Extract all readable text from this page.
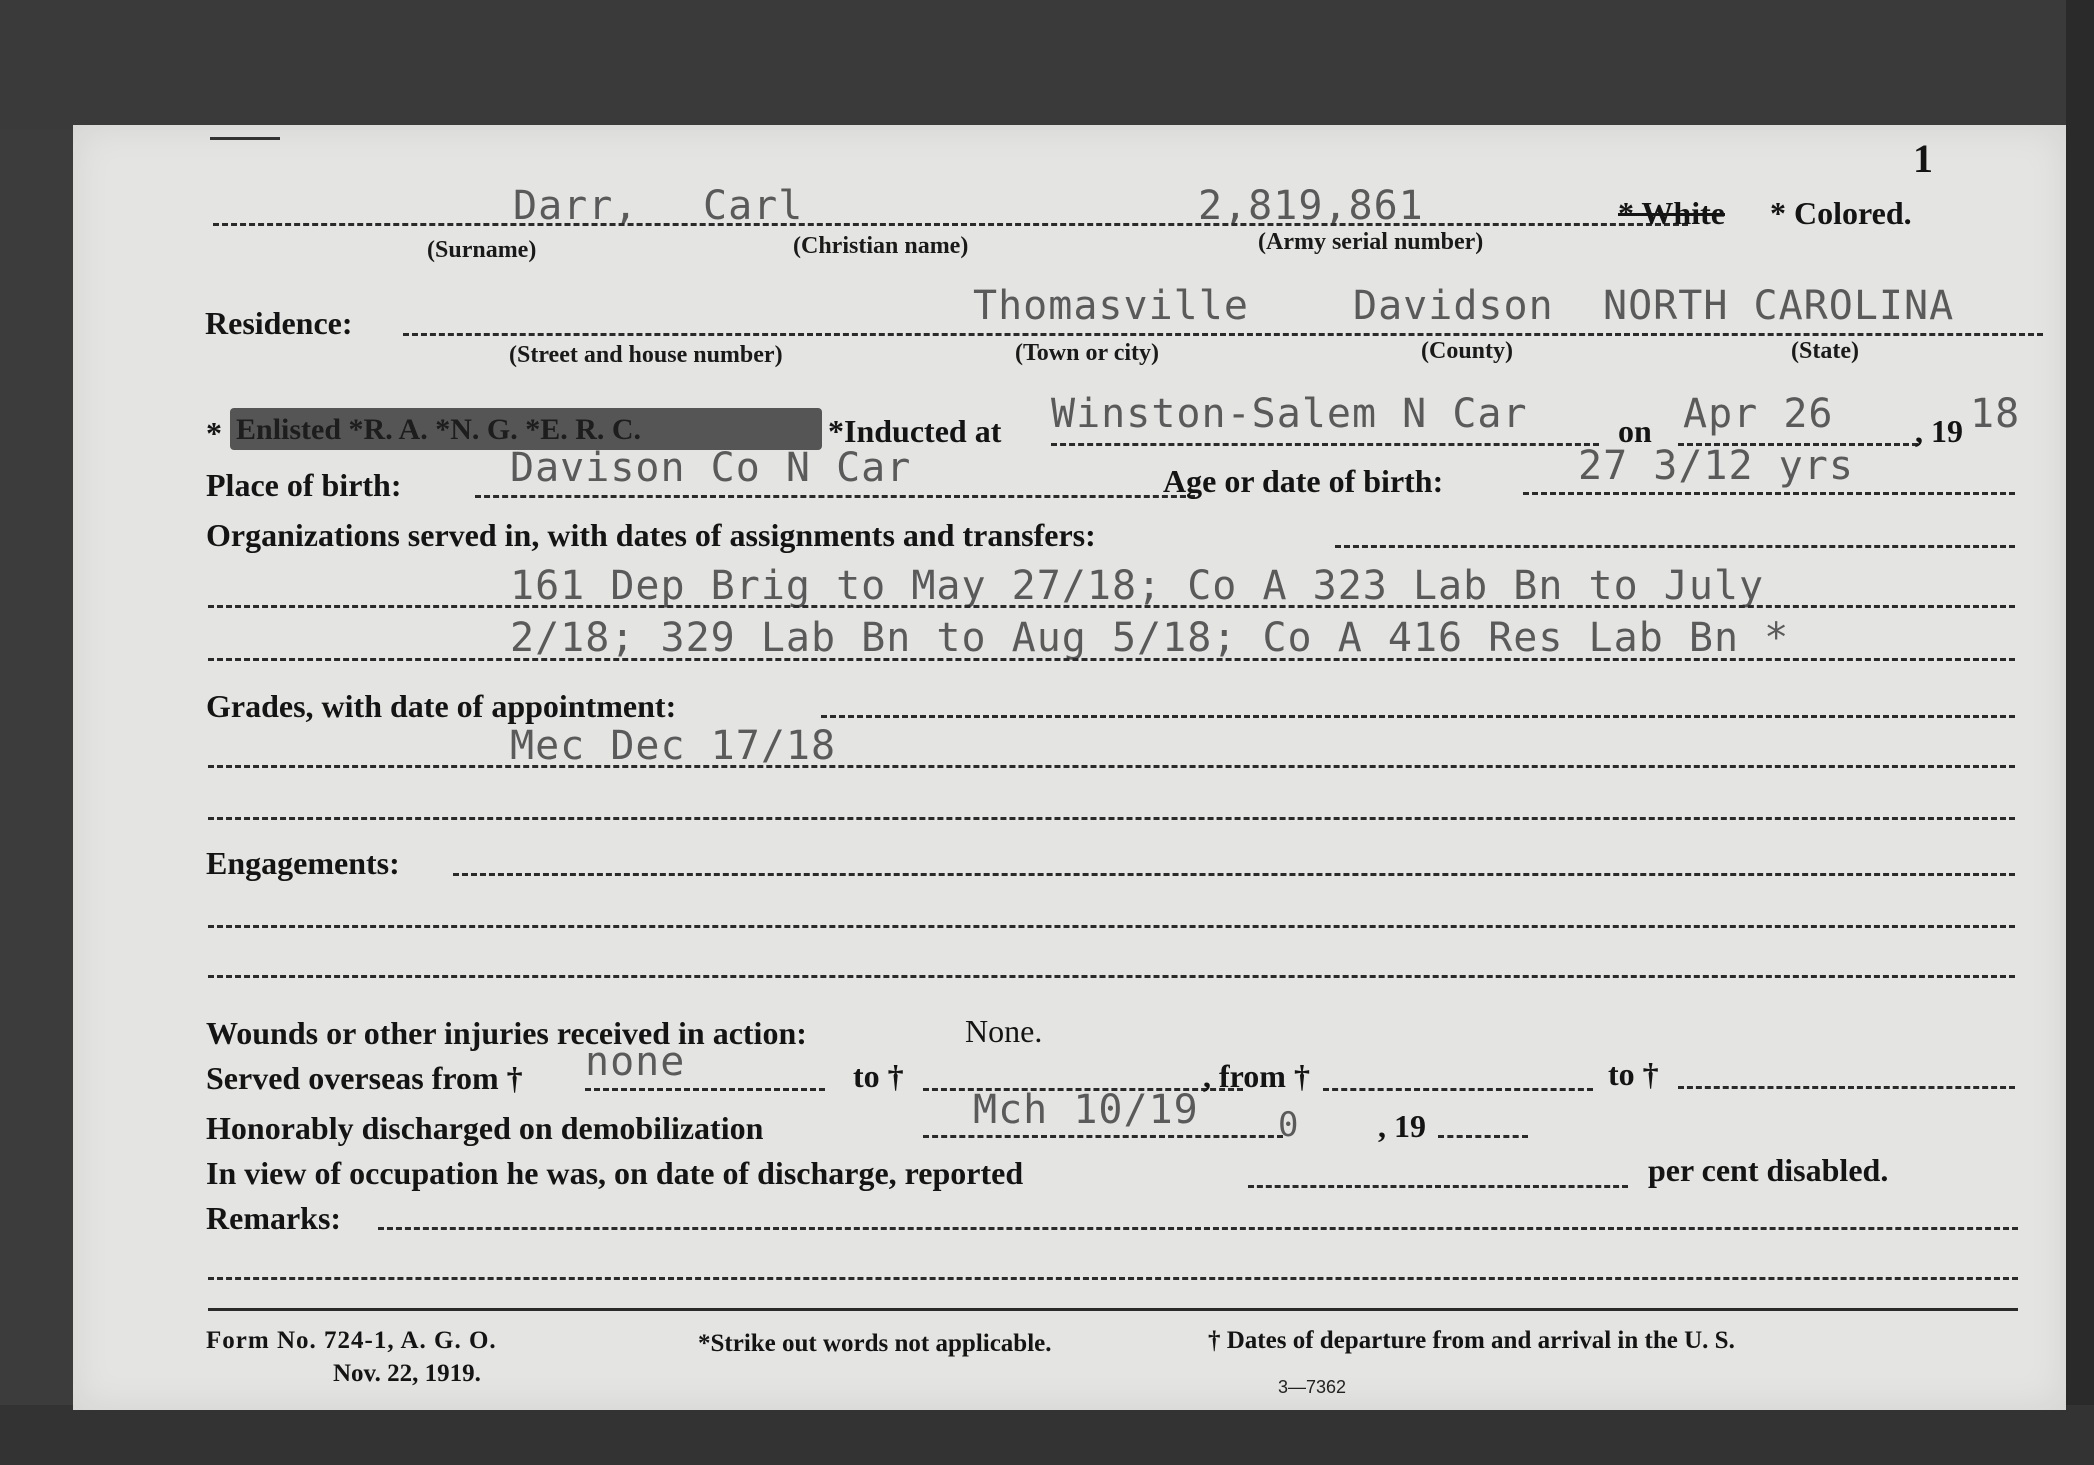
1
Darr, Carl	2,819,861	* White * Colored.
(Surname)	(Christian name)	(Army serial number)
Residence:	Thomasville	Davidson NORTH CAROLINA
(Street and house number)	(Town or city)	(County)	(State)
* Enlisted *R. A. *N. G. *E. R. C.	*Inducted at Winston-Salem N Car	on Apr 26	, 19 18
Place of birth:	Davison Co N Car	Age or date of birth:	27 3/12 yrs
Organizations served in, with dates of assignments and transfers:
161 Dep Brig to May 27/18; Co A 323 Lab Bn to July
2/18; 329 Lab Bn to Aug 5/18; Co A 416 Res Lab Bn *
Grades, with date of appointment:
Mec Dec 17/18
Engagements:
Wounds or other injuries received in action:	None.
Served overseas from † none	to †	, from †	to †
Honorably discharged on demobilization	Mch 10/19 0 , 19
In view of occupation he was, on date of discharge, reported	per cent disabled.
Remarks:
Form No. 724-1, A. G. O.
Nov. 22, 1919.
*Strike out words not applicable.	† Dates of departure from and arrival in the U. S.
3—7362
